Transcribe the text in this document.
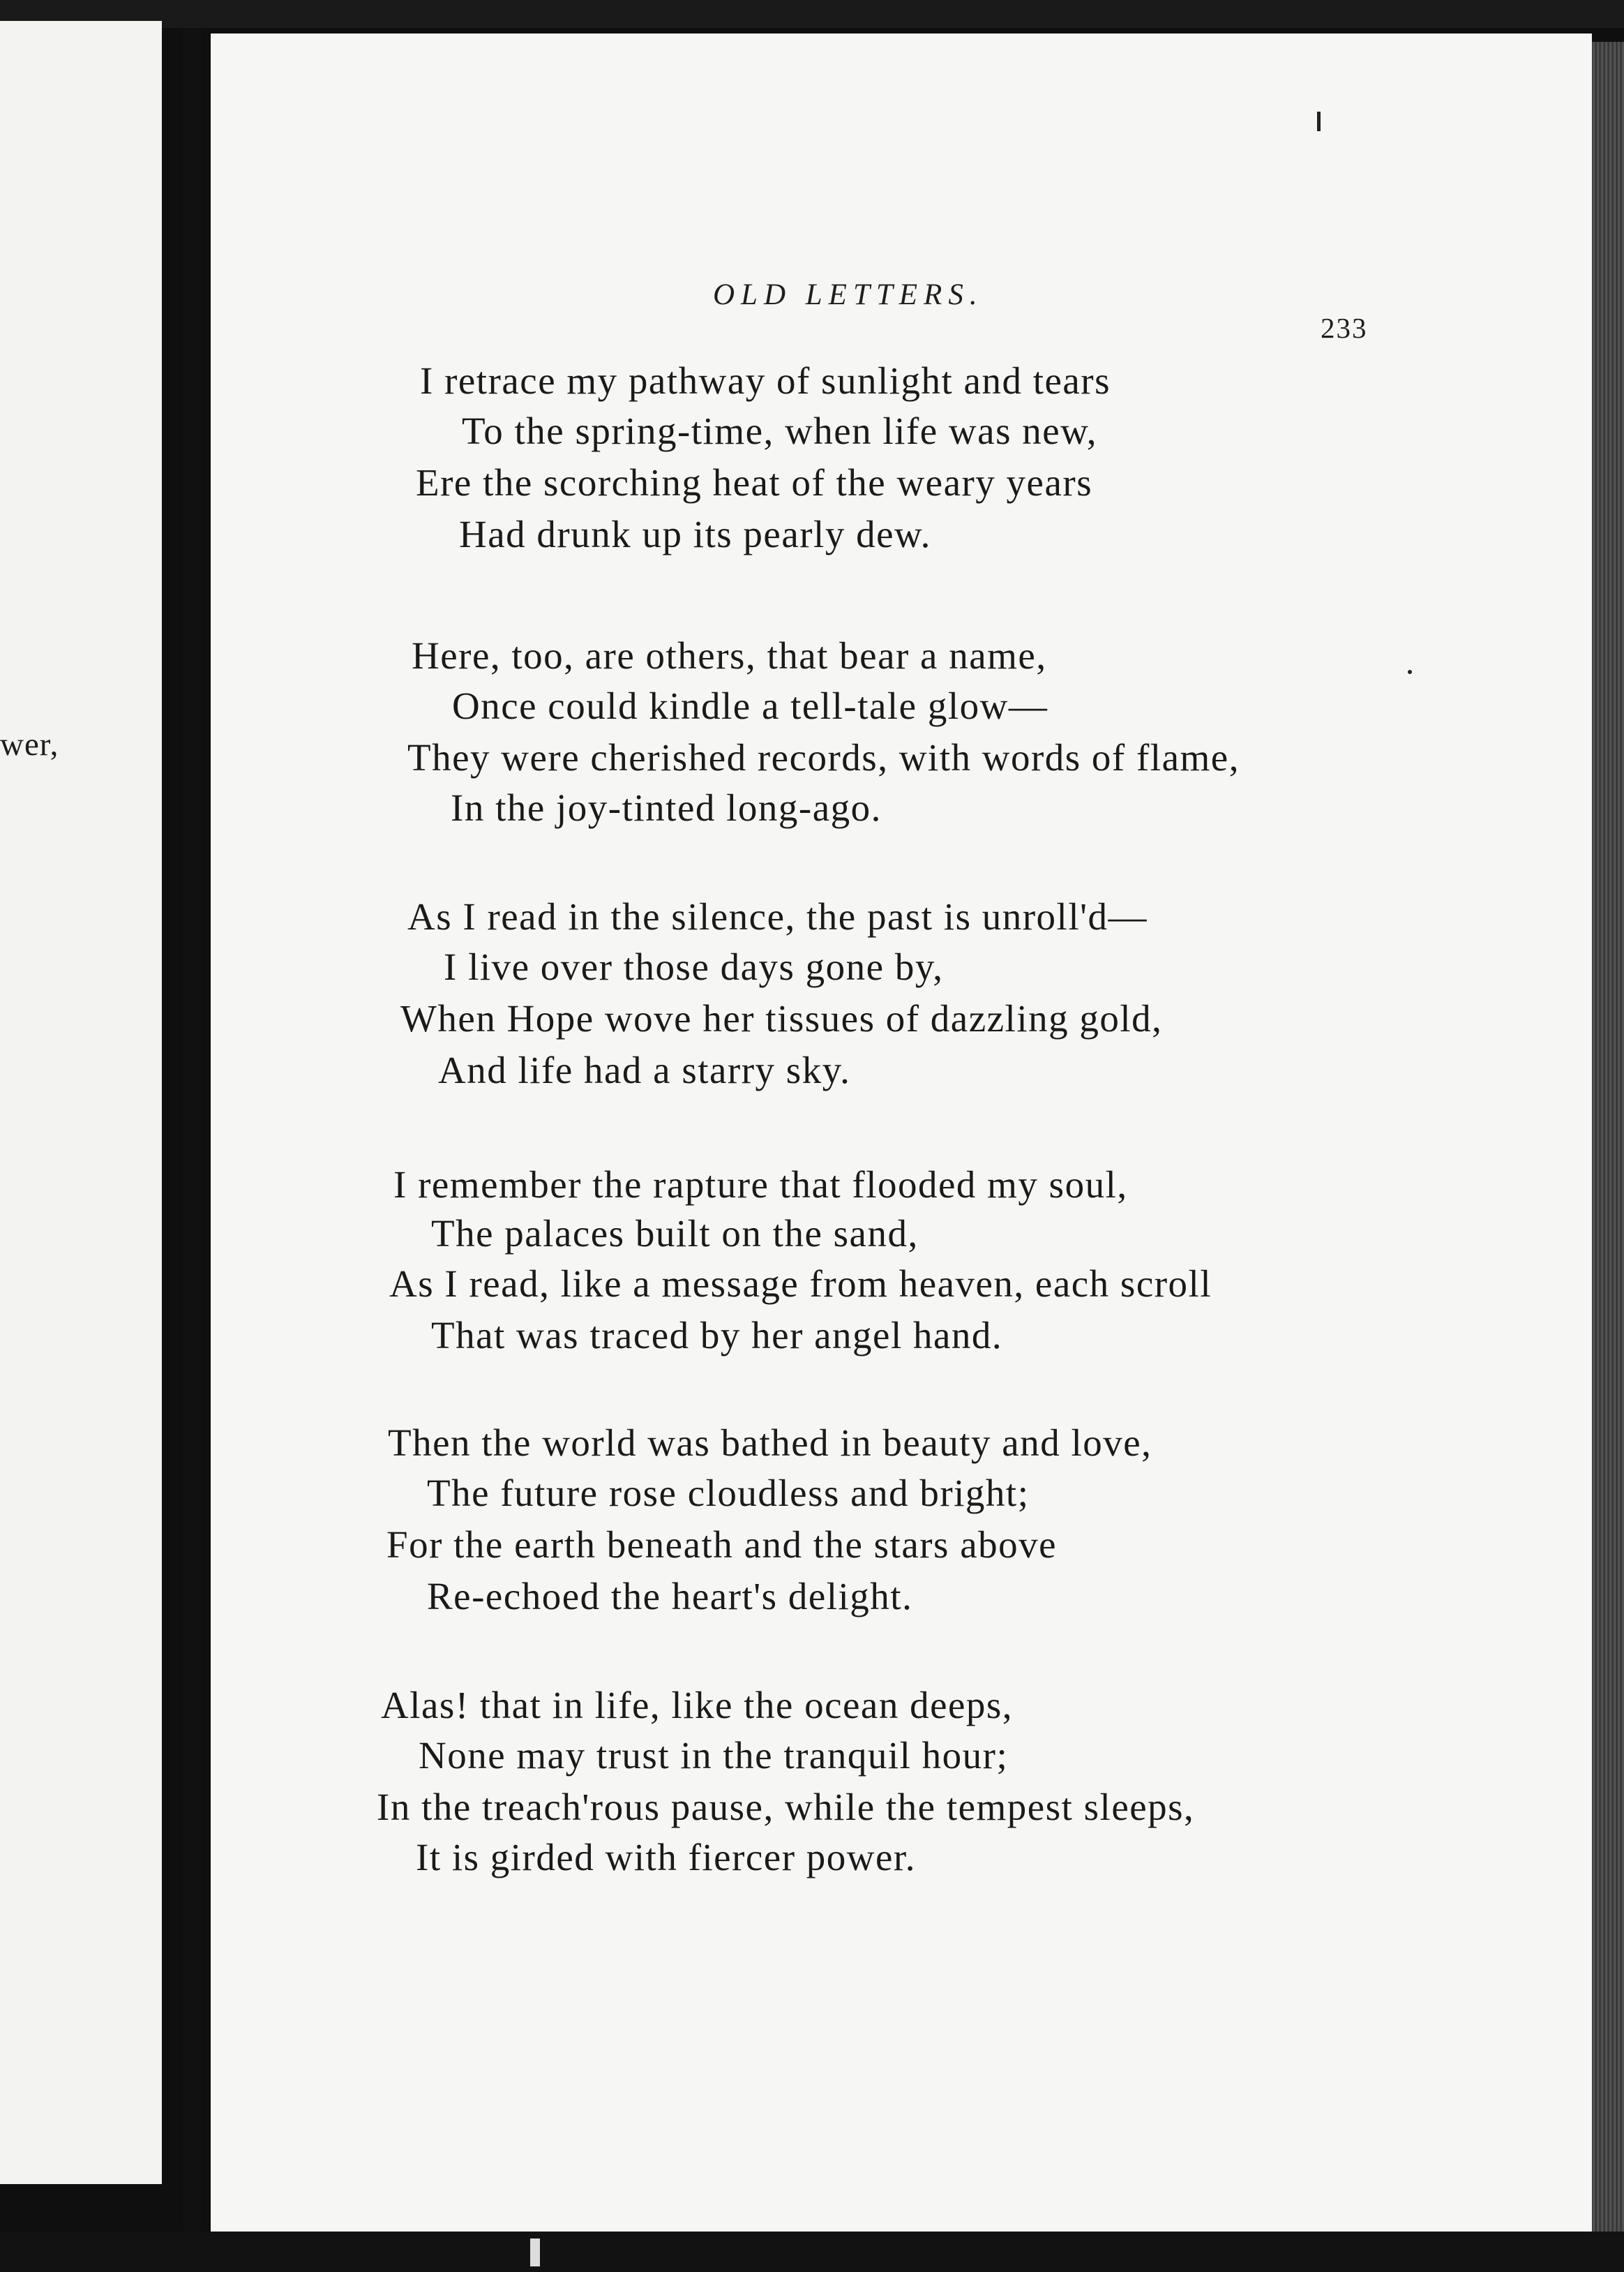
wer,
OLD LETTERS.
233
I retrace my pathway of sunlight and tears
To the spring-time, when life was new,
Ere the scorching heat of the weary years
Had drunk up its pearly dew.
Here, too, are others, that bear a name,
Once could kindle a tell-tale glow—
They were cherished records, with words of flame,
In the joy-tinted long-ago.
As I read in the silence, the past is unroll'd—
I live over those days gone by,
When Hope wove her tissues of dazzling gold,
And life had a starry sky.
I remember the rapture that flooded my soul,
The palaces built on the sand,
As I read, like a message from heaven, each scroll
That was traced by her angel hand.
Then the world was bathed in beauty and love,
The future rose cloudless and bright;
For the earth beneath and the stars above
Re-echoed the heart's delight.
Alas! that in life, like the ocean deeps,
None may trust in the tranquil hour;
In the treach'rous pause, while the tempest sleeps,
It is girded with fiercer power.
